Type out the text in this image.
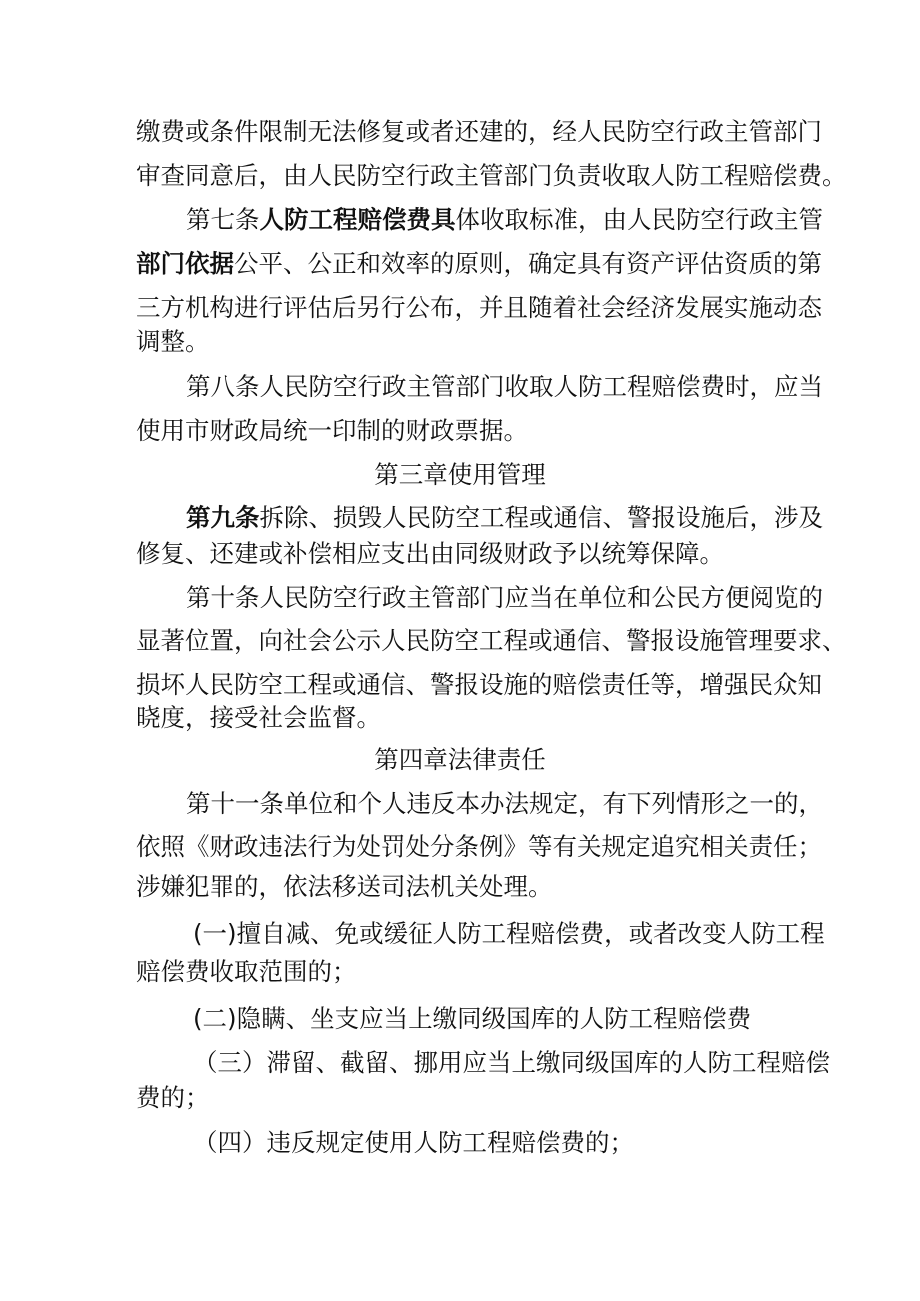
缴费或条件限制无法修复或者还建的，经人民防空行政主管部门
审查同意后，由人民防空行政主管部门负责收取人防工程赔偿费。
第七条人防工程赔偿费具体收取标准，由人民防空行政主管
部门依据公平、公正和效率的原则，确定具有资产评估资质的第
三方机构进行评估后另行公布，并且随着社会经济发展实施动态
调整。
第八条人民防空行政主管部门收取人防工程赔偿费时，应当
使用市财政局统一印制的财政票据。
第三章使用管理
第九条拆除、损毁人民防空工程或通信、警报设施后，涉及
修复、还建或补偿相应支出由同级财政予以统筹保障。
第十条人民防空行政主管部门应当在单位和公民方便阅览的
显著位置，向社会公示人民防空工程或通信、警报设施管理要求、
损坏人民防空工程或通信、警报设施的赔偿责任等，增强民众知
晓度，接受社会监督。
第四章法律责任
第十一条单位和个人违反本办法规定，有下列情形之一的，
依照《财政违法行为处罚处分条例》等有关规定追究相关责任；
涉嫌犯罪的，依法移送司法机关处理。
(一)擅自减、免或缓征人防工程赔偿费，或者改变人防工程
赔偿费收取范围的；
(二)隐瞒、坐支应当上缴同级国库的人防工程赔偿费
（三）滞留、截留、挪用应当上缴同级国库的人防工程赔偿
费的；
（四）违反规定使用人防工程赔偿费的；
